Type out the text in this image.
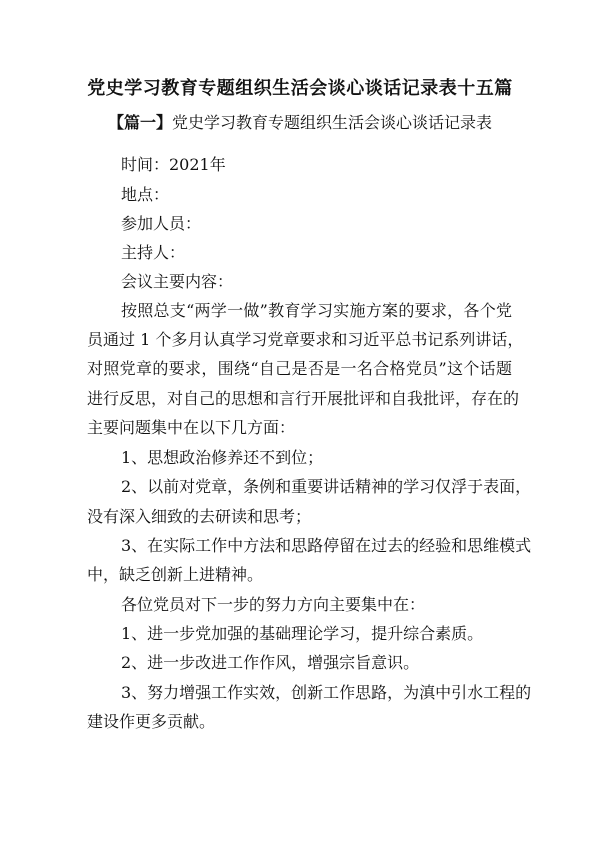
党史学习教育专题组织生活会谈心谈话记录表十五篇
【篇一】党史学习教育专题组织生活会谈心谈话记录表
时间：2021年
地点：
参加人员：
主持人：
会议主要内容：
按照总支“两学一做”教育学习实施方案的要求，各个党
员通过 1 个多月认真学习党章要求和习近平总书记系列讲话，
对照党章的要求，围绕“自己是否是一名合格党员”这个话题
进行反思，对自己的思想和言行开展批评和自我批评，存在的
主要问题集中在以下几方面：
1、思想政治修养还不到位；
2、以前对党章，条例和重要讲话精神的学习仅浮于表面，
没有深入细致的去研读和思考；
3、在实际工作中方法和思路停留在过去的经验和思维模式
中，缺乏创新上进精神。
各位党员对下一步的努力方向主要集中在：
1、进一步党加强的基础理论学习，提升综合素质。
2、进一步改进工作作风，增强宗旨意识。
3、努力增强工作实效，创新工作思路，为滇中引水工程的
建设作更多贡献。
